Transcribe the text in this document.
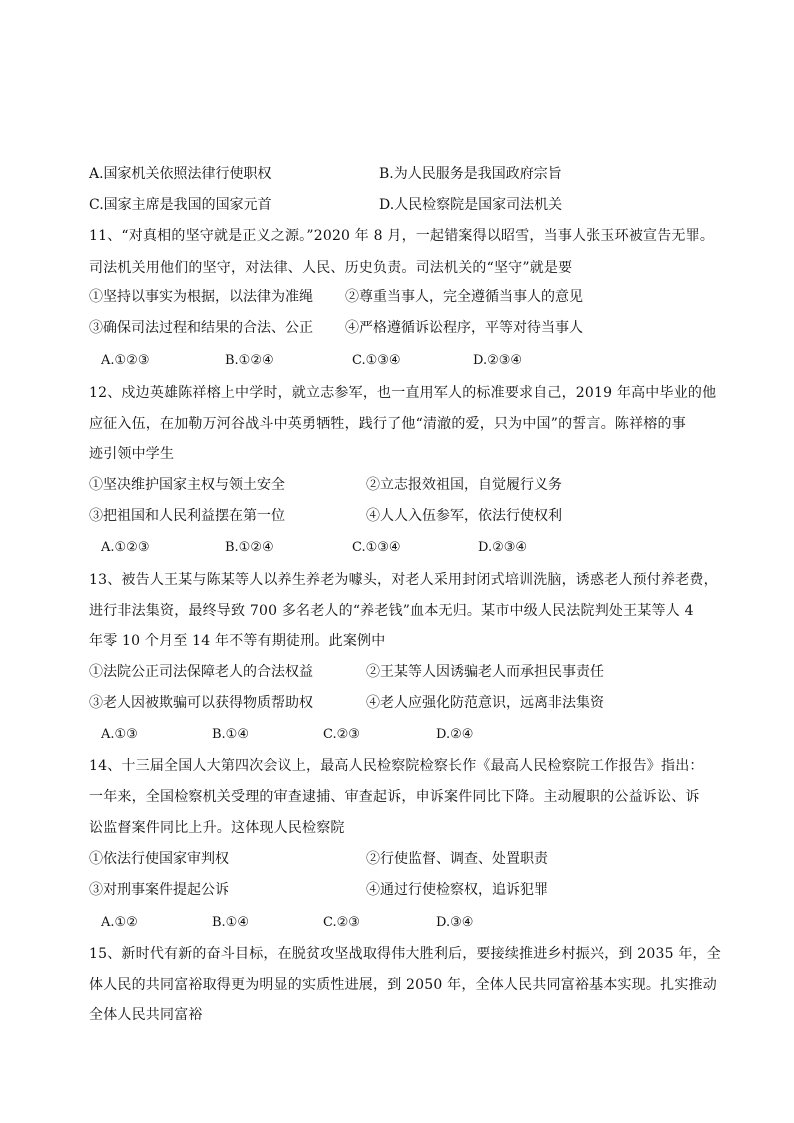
A.国家机关依照法律行使职权	B.为人民服务是我国政府宗旨
C.国家主席是我国的国家元首	D.人民检察院是国家司法机关
11、“对真相的坚守就是正义之源。”2020 年 8 月，一起错案得以昭雪，当事人张玉环被宣告无罪。
司法机关用他们的坚守，对法律、人民、历史负责。司法机关的“坚守”就是要
①坚持以事实为根据，以法律为准绳 ②尊重当事人，完全遵循当事人的意见
③确保司法过程和结果的合法、公正 ④严格遵循诉讼程序，平等对待当事人
A.①②③	B.①②④	C.①③④	D.②③④
12、戍边英雄陈祥榕上中学时，就立志参军，也一直用军人的标准要求自己，2019 年高中毕业的他
应征入伍，在加勒万河谷战斗中英勇牺牲，践行了他“清澈的爱，只为中国”的誓言。陈祥榕的事
迹引领中学生
①坚决维护国家主权与领土安全	②立志报效祖国，自觉履行义务
③把祖国和人民利益摆在第一位	④人人入伍参军，依法行使权利
A.①②③	B.①②④	C.①③④	D.②③④
13、被告人王某与陈某等人以养生养老为噱头，对老人采用封闭式培训洗脑，诱惑老人预付养老费，
进行非法集资，最终导致 700 多名老人的“养老钱”血本无归。某市中级人民法院判处王某等人 4
年零 10 个月至 14 年不等有期徒刑。此案例中
①法院公正司法保障老人的合法权益	②王某等人因诱骗老人而承担民事责任
③老人因被欺骗可以获得物质帮助权	④老人应强化防范意识，远离非法集资
A.①③	B.①④	C.②③	D.②④
14、十三届全国人大第四次会议上，最高人民检察院检察长作《最高人民检察院工作报告》指出：
一年来，全国检察机关受理的审查逮捕、审查起诉，申诉案件同比下降。主动履职的公益诉讼、诉
讼监督案件同比上升。这体现人民检察院
①依法行使国家审判权	②行使监督、调查、处置职责
③对刑事案件提起公诉	④通过行使检察权，追诉犯罪
A.①②	B.①④	C.②③	D.③④
15、新时代有新的奋斗目标，在脱贫攻坚战取得伟大胜利后，要接续推进乡村振兴，到 2035 年，全
体人民的共同富裕取得更为明显的实质性进展，到 2050 年，全体人民共同富裕基本实现。扎实推动
全体人民共同富裕
